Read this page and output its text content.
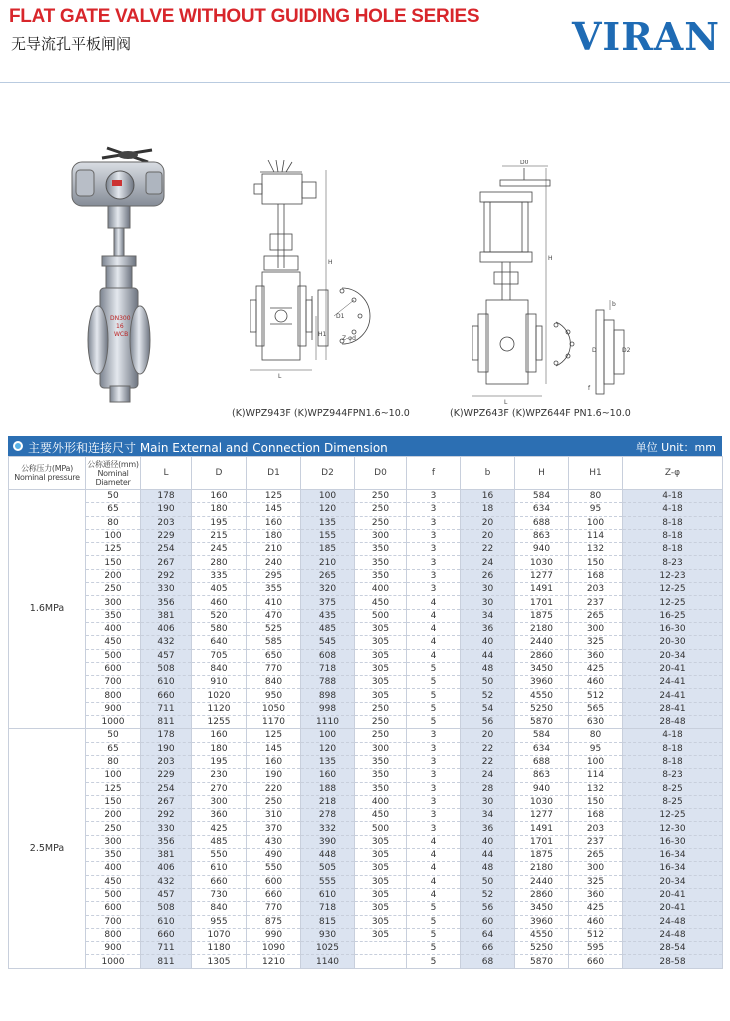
FLAT GATE VALVE WITHOUT GUIDING HOLE SERIES
无导流孔平板闸阀	VIRAN
DN300
16
WCB
H
H1
L
Z-φd
D1
D0
H
b
D	D2
L
f
(K)WPZ943F (K)WPZ944FPN1.6~10.0	(K)WPZ643F (K)WPZ644F PN1.6~10.0
主要外形和连接尺寸 Main External and Connection Dimension	单位 Unit：mm
公称压力(MPa)
Nominal pressure	公称通径(mm)
Nominal Diameter	L	D	D1	D2	D0	f	b	H	H1	Z-φ
1.6MPa	50	178	160	125	100	250	3	16	584	80	4-18
	65	190	180	145	120	250	3	18	634	95	4-18
	80	203	195	160	135	250	3	20	688	100	8-18
	100	229	215	180	155	300	3	20	863	114	8-18
	125	254	245	210	185	350	3	22	940	132	8-18
	150	267	280	240	210	350	3	24	1030	150	8-23
	200	292	335	295	265	350	3	26	1277	168	12-23
	250	330	405	355	320	400	3	30	1491	203	12-25
	300	356	460	410	375	450	4	30	1701	237	12-25
	350	381	520	470	435	500	4	34	1875	265	16-25
	400	406	580	525	485	305	4	36	2180	300	16-30
	450	432	640	585	545	305	4	40	2440	325	20-30
	500	457	705	650	608	305	4	44	2860	360	20-34
	600	508	840	770	718	305	5	48	3450	425	20-41
	700	610	910	840	788	305	5	50	3960	460	24-41
	800	660	1020	950	898	305	5	52	4550	512	24-41
	900	711	1120	1050	998	250	5	54	5250	565	28-41
	1000	811	1255	1170	1110	250	5	56	5870	630	28-48
2.5MPa	50	178	160	125	100	250	3	20	584	80	4-18
	65	190	180	145	120	300	3	22	634	95	8-18
	80	203	195	160	135	350	3	22	688	100	8-18
	100	229	230	190	160	350	3	24	863	114	8-23
	125	254	270	220	188	350	3	28	940	132	8-25
	150	267	300	250	218	400	3	30	1030	150	8-25
	200	292	360	310	278	450	3	34	1277	168	12-25
	250	330	425	370	332	500	3	36	1491	203	12-30
	300	356	485	430	390	305	4	40	1701	237	16-30
	350	381	550	490	448	305	4	44	1875	265	16-34
	400	406	610	550	505	305	4	48	2180	300	16-34
	450	432	660	600	555	305	4	50	2440	325	20-34
	500	457	730	660	610	305	4	52	2860	360	20-41
	600	508	840	770	718	305	5	56	3450	425	20-41
	700	610	955	875	815	305	5	60	3960	460	24-48
	800	660	1070	990	930	305	5	64	4550	512	24-48
	900	711	1180	1090	1025		5	66	5250	595	28-54
	1000	811	1305	1210	1140		5	68	5870	660	28-58
